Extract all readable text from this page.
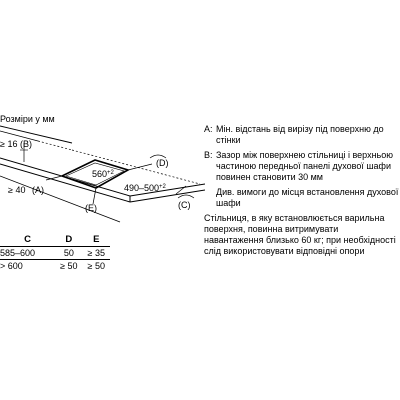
Розміри у мм
≥ 16 (B)
≥ 40 (A)
$560^{+2}$
$490-500^{+2}$
(D)
(C)
(E)
C	D	E
585–600	50	≥ 35
> 600	≥ 50	≥ 50
A: Мін. відстань від вирізу під поверхню до стінки
B: Зазор між поверхнею стільниці і верхньою частиною передньої панелі духової шафи повинен становити 30 мм
Див. вимоги до місця встановлення духової шафи
Стільниця, в яку встановлюється варильна поверхня, повинна витримувати навантаження близько 60 кг; при необхідності слід використовувати відповідні опори
